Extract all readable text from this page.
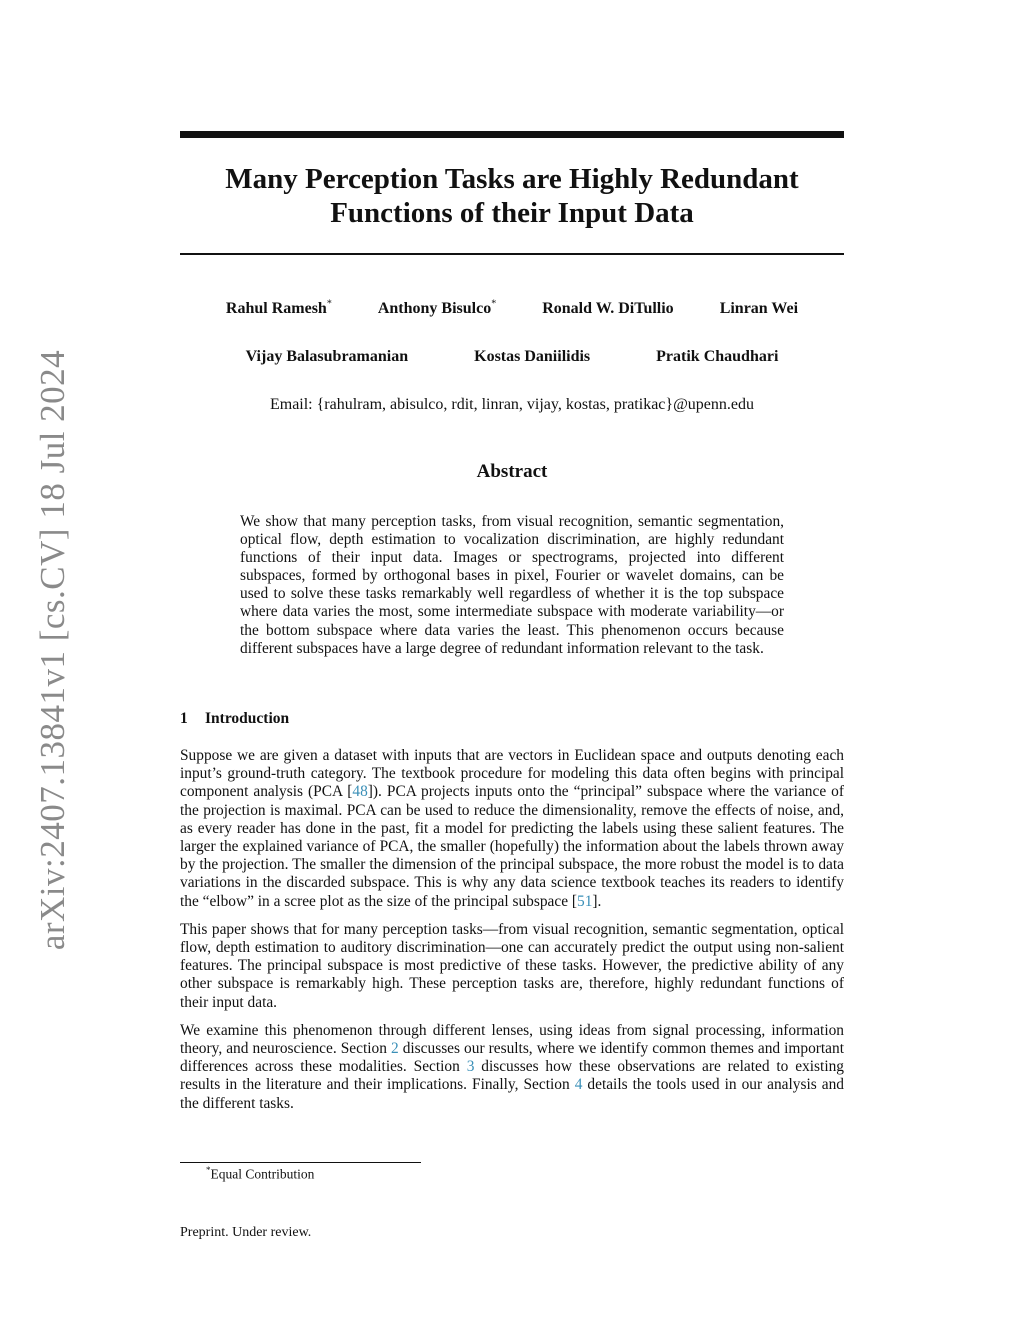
arXiv:2407.13841v1 [cs.CV] 18 Jul 2024
Many Perception Tasks are Highly Redundant
Functions of their Input Data
Rahul Ramesh*	Anthony Bisulco*	Ronald W. DiTullio	Linran Wei
Vijay Balasubramanian	Kostas Daniilidis	Pratik Chaudhari
Email: {rahulram, abisulco, rdit, linran, vijay, kostas, pratikac}@upenn.edu
Abstract
We show that many perception tasks, from visual recognition, semantic segmentation, optical flow, depth estimation to vocalization discrimination, are highly redundant functions of their input data. Images or spectrograms, projected into different subspaces, formed by orthogonal bases in pixel, Fourier or wavelet domains, can be used to solve these tasks remarkably well regardless of whether it is the top subspace where data varies the most, some intermediate subspace with moderate variability—or the bottom subspace where data varies the least. This phenomenon occurs because different subspaces have a large degree of redundant information relevant to the task.
1 Introduction

Suppose we are given a dataset with inputs that are vectors in Euclidean space and outputs denoting each input’s ground-truth category. The textbook procedure for modeling this data often begins with principal component analysis (PCA [48]). PCA projects inputs onto the “principal” subspace where the variance of the projection is maximal. PCA can be used to reduce the dimensionality, remove the effects of noise, and, as every reader has done in the past, fit a model for predicting the labels using these salient features. The larger the explained variance of PCA, the smaller (hopefully) the information about the labels thrown away by the projection. The smaller the dimension of the principal subspace, the more robust the model is to data variations in the discarded subspace. This is why any data science textbook teaches its readers to identify the “elbow” in a scree plot as the size of the principal subspace [51].

This paper shows that for many perception tasks—from visual recognition, semantic segmentation, optical flow, depth estimation to auditory discrimination—one can accurately predict the output using non-salient features. The principal subspace is most predictive of these tasks. However, the predictive ability of any other subspace is remarkably high. These perception tasks are, therefore, highly redundant functions of their input data.

We examine this phenomenon through different lenses, using ideas from signal processing, information theory, and neuroscience. Section 2 discusses our results, where we identify common themes and important differences across these modalities. Section 3 discusses how these observations are related to existing results in the literature and their implications. Finally, Section 4 details the tools used in our analysis and the different tasks.

*Equal Contribution
Preprint. Under review.
